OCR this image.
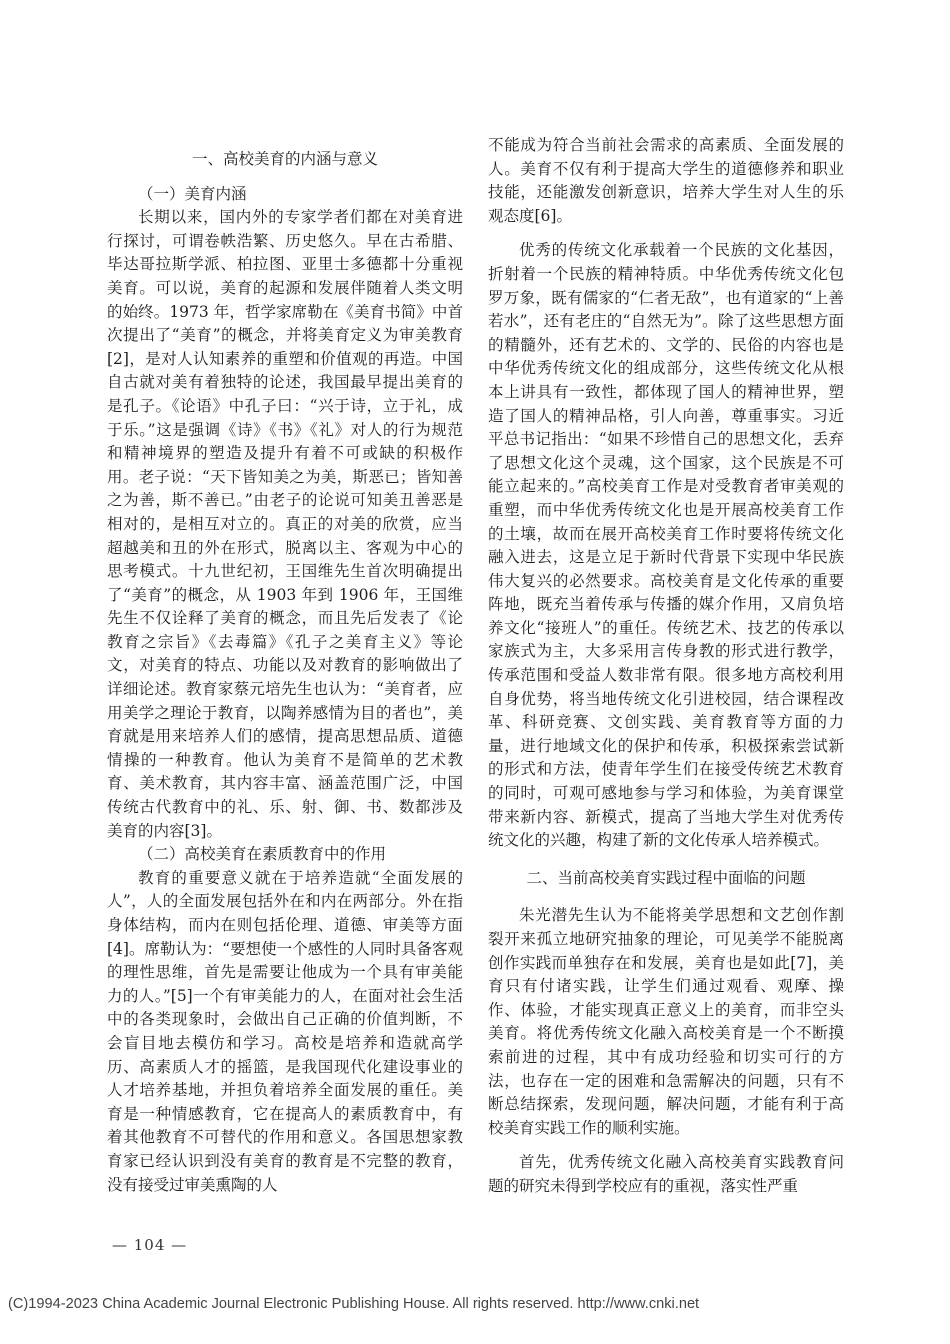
一、高校美育的内涵与意义

（一）美育内涵

长期以来，国内外的专家学者们都在对美育进行探讨，可谓卷帙浩繁、历史悠久。早在古希腊、毕达哥拉斯学派、柏拉图、亚里士多德都十分重视美育。可以说，美育的起源和发展伴随着人类文明的始终。1973 年，哲学家席勒在《美育书简》中首次提出了“美育”的概念，并将美育定义为审美教育[2]，是对人认知素养的重塑和价值观的再造。中国自古就对美有着独特的论述，我国最早提出美育的是孔子。《论语》中孔子曰：“兴于诗，立于礼，成于乐。”这是强调《诗》《书》《礼》对人的行为规范和精神境界的塑造及提升有着不可或缺的积极作用。老子说：“天下皆知美之为美，斯恶已；皆知善之为善，斯不善已。”由老子的论说可知美丑善恶是相对的，是相互对立的。真正的对美的欣赏，应当超越美和丑的外在形式，脱离以主、客观为中心的思考模式。十九世纪初，王国维先生首次明确提出了“美育”的概念，从 1903 年到 1906 年，王国维先生不仅诠释了美育的概念，而且先后发表了《论教育之宗旨》《去毒篇》《孔子之美育主义》等论文，对美育的特点、功能以及对教育的影响做出了详细论述。教育家蔡元培先生也认为：“美育者，应用美学之理论于教育，以陶养感情为目的者也”，美育就是用来培养人们的感情，提高思想品质、道德情操的一种教育。他认为美育不是简单的艺术教育、美术教育，其内容丰富、涵盖范围广泛，中国传统古代教育中的礼、乐、射、御、书、数都涉及美育的内容[3]。

（二）高校美育在素质教育中的作用

教育的重要意义就在于培养造就“全面发展的人”，人的全面发展包括外在和内在两部分。外在指身体结构，而内在则包括伦理、道德、审美等方面[4]。席勒认为：“要想使一个感性的人同时具备客观的理性思维，首先是需要让他成为一个具有审美能力的人。”[5]一个有审美能力的人，在面对社会生活中的各类现象时，会做出自己正确的价值判断，不会盲目地去模仿和学习。高校是培养和造就高学历、高素质人才的摇篮，是我国现代化建设事业的人才培养基地，并担负着培养全面发展的重任。美育是一种情感教育，它在提高人的素质教育中，有着其他教育不可替代的作用和意义。各国思想家教育家已经认识到没有美育的教育是不完整的教育，没有接受过审美熏陶的人

不能成为符合当前社会需求的高素质、全面发展的人。美育不仅有利于提高大学生的道德修养和职业技能，还能激发创新意识，培养大学生对人生的乐观态度[6]。

优秀的传统文化承载着一个民族的文化基因，折射着一个民族的精神特质。中华优秀传统文化包罗万象，既有儒家的“仁者无敌”，也有道家的“上善若水”，还有老庄的“自然无为”。除了这些思想方面的精髓外，还有艺术的、文学的、民俗的内容也是中华优秀传统文化的组成部分，这些传统文化从根本上讲具有一致性，都体现了国人的精神世界，塑造了国人的精神品格，引人向善，尊重事实。习近平总书记指出：“如果不珍惜自己的思想文化，丢弃了思想文化这个灵魂，这个国家，这个民族是不可能立起来的。”高校美育工作是对受教育者审美观的重塑，而中华优秀传统文化也是开展高校美育工作的土壤，故而在展开高校美育工作时要将传统文化融入进去，这是立足于新时代背景下实现中华民族伟大复兴的必然要求。高校美育是文化传承的重要阵地，既充当着传承与传播的媒介作用，又肩负培养文化“接班人”的重任。传统艺术、技艺的传承以家族式为主，大多采用言传身教的形式进行教学，传承范围和受益人数非常有限。很多地方高校利用自身优势，将当地传统文化引进校园，结合课程改革、科研竞赛、文创实践、美育教育等方面的力量，进行地域文化的保护和传承，积极探索尝试新的形式和方法，使青年学生们在接受传统艺术教育的同时，可观可感地参与学习和体验，为美育课堂带来新内容、新模式，提高了当地大学生对优秀传统文化的兴趣，构建了新的文化传承人培养模式。

二、当前高校美育实践过程中面临的问题

朱光潜先生认为不能将美学思想和文艺创作割裂开来孤立地研究抽象的理论，可见美学不能脱离创作实践而单独存在和发展，美育也是如此[7]，美育只有付诸实践，让学生们通过观看、观摩、操作、体验，才能实现真正意义上的美育，而非空头美育。将优秀传统文化融入高校美育是一个不断摸索前进的过程，其中有成功经验和切实可行的方法，也存在一定的困难和急需解决的问题，只有不断总结探索，发现问题，解决问题，才能有利于高校美育实践工作的顺利实施。

首先，优秀传统文化融入高校美育实践教育问题的研究未得到学校应有的重视，落实性严重

— 104 —
(C)1994-2023 China Academic Journal Electronic Publishing House. All rights reserved. http://www.cnki.net
